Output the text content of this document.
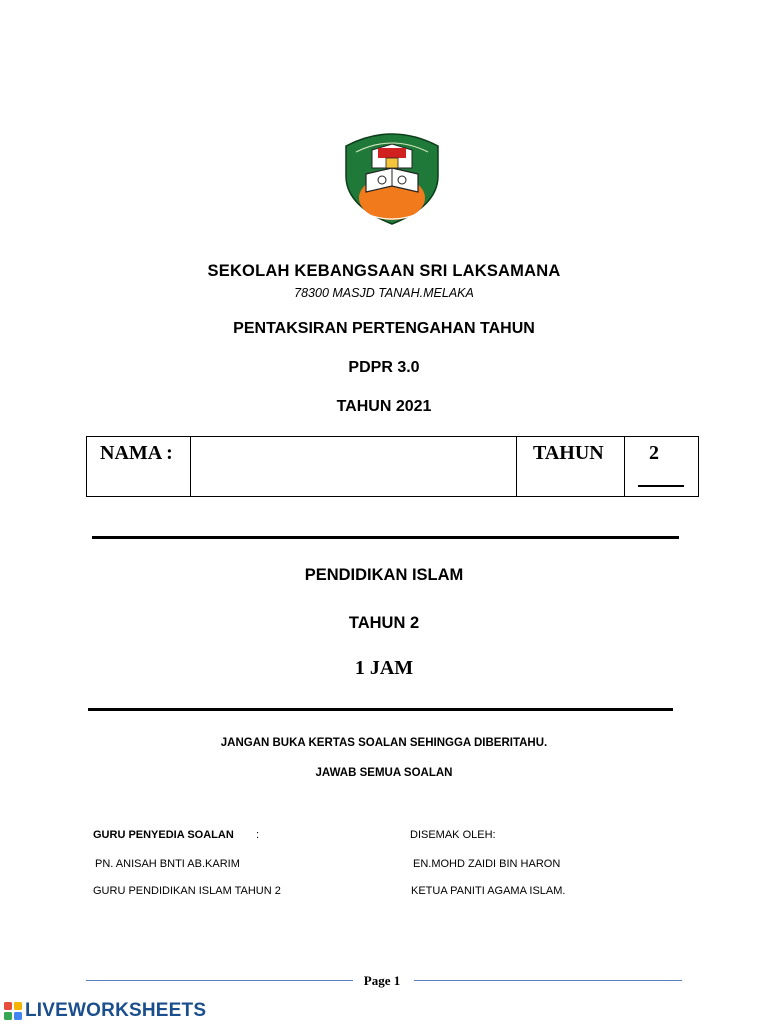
SEKOLAH KEBANGSAAN SRI LAKSAMANA
78300 MASJD TANAH.MELAKA
PENTAKSIRAN PERTENGAHAN TAHUN
PDPR 3.0
TAHUN 2021
NAMA :		TAHUN	2
PENDIDIKAN ISLAM
TAHUN 2
1 JAM
JANGAN BUKA KERTAS SOALAN SEHINGGA DIBERITAHU.
JAWAB SEMUA SOALAN
GURU PENYEDIA SOALAN :	DISEMAK OLEH:
PN. ANISAH BNTI AB.KARIM	EN.MOHD ZAIDI BIN HARON
GURU PENDIDIKAN ISLAM TAHUN 2	KETUA PANITI AGAMA ISLAM.
Page 1
LIVEWORKSHEETS
